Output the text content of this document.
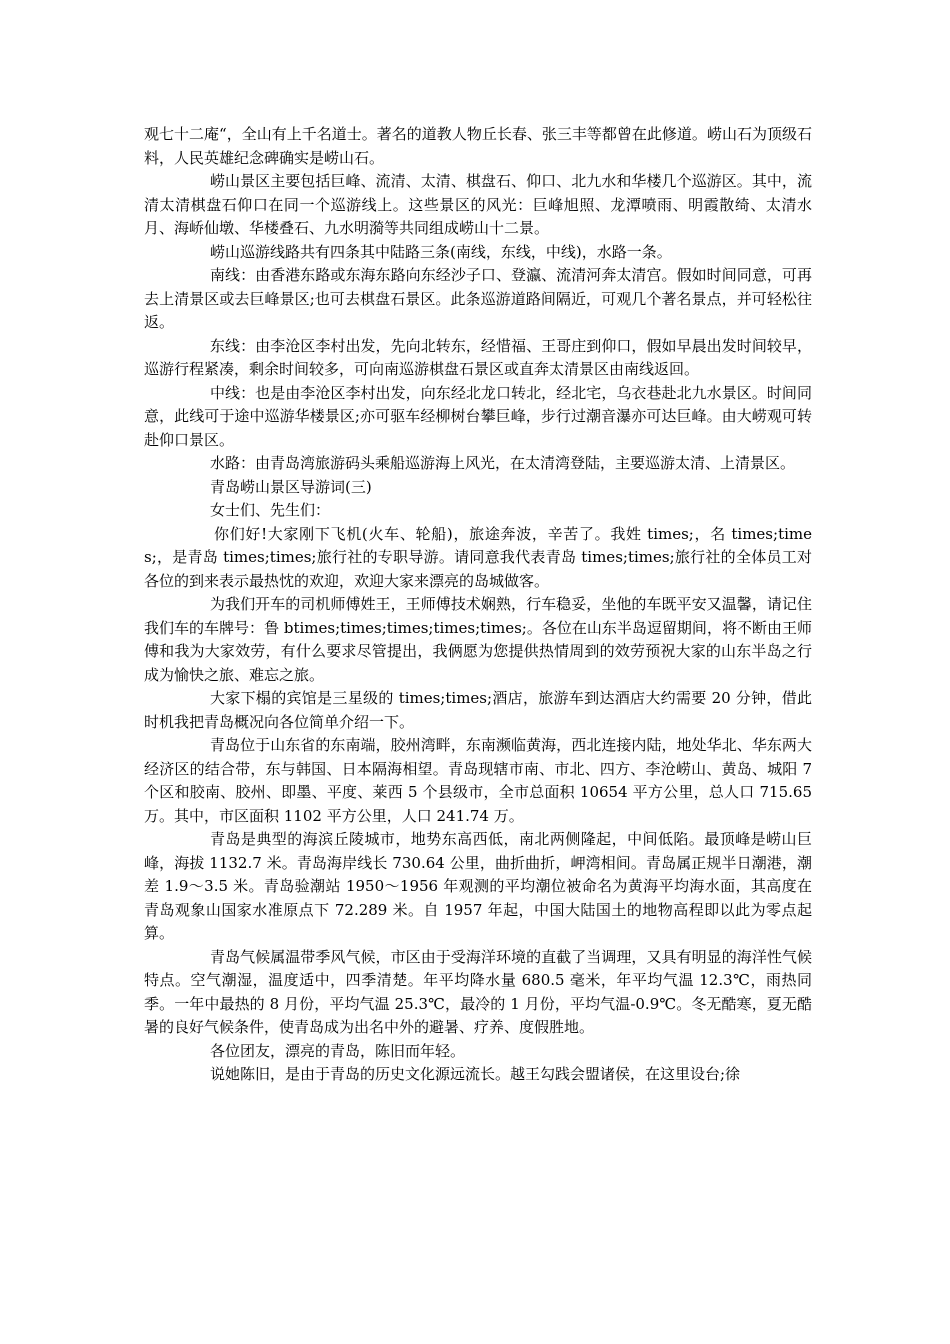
观七十二庵“，全山有上千名道士。著名的道教人物丘长春、张三丰等都曾在此修道。崂山石为顶级石料，人民英雄纪念碑确实是崂山石。

崂山景区主要包括巨峰、流清、太清、棋盘石、仰口、北九水和华楼几个巡游区。其中，流清太清棋盘石仰口在同一个巡游线上。这些景区的风光：巨峰旭照、龙潭喷雨、明霞散绮、太清水月、海峤仙墩、华楼叠石、九水明漪等共同组成崂山十二景。

崂山巡游线路共有四条其中陆路三条(南线，东线，中线)，水路一条。

南线：由香港东路或东海东路向东经沙子口、登瀛、流清河奔太清宫。假如时间同意，可再去上清景区或去巨峰景区;也可去棋盘石景区。此条巡游道路间隔近，可观几个著名景点，并可轻松往返。

东线：由李沧区李村出发，先向北转东，经惜福、王哥庄到仰口，假如早晨出发时间较早，巡游行程紧凑，剩余时间较多，可向南巡游棋盘石景区或直奔太清景区由南线返回。

中线：也是由李沧区李村出发，向东经北龙口转北，经北宅，乌衣巷赴北九水景区。时间同意，此线可于途中巡游华楼景区;亦可驱车经柳树台攀巨峰，步行过潮音瀑亦可达巨峰。由大崂观可转赴仰口景区。

水路：由青岛湾旅游码头乘船巡游海上风光，在太清湾登陆，主要巡游太清、上清景区。

青岛崂山景区导游词(三)

女士们、先生们：

你们好!大家刚下飞机(火车、轮船)，旅途奔波，辛苦了。我姓 times;，名 times;times;，是青岛 times;times;旅行社的专职导游。请同意我代表青岛 times;times;旅行社的全体员工对各位的到来表示最热忱的欢迎，欢迎大家来漂亮的岛城做客。

为我们开车的司机师傅姓王，王师傅技术娴熟，行车稳妥，坐他的车既平安又温馨，请记住我们车的车牌号：鲁 btimes;times;times;times;times;。各位在山东半岛逗留期间，将不断由王师傅和我为大家效劳，有什么要求尽管提出，我俩愿为您提供热情周到的效劳预祝大家的山东半岛之行成为愉快之旅、难忘之旅。

大家下榻的宾馆是三星级的 times;times;酒店，旅游车到达酒店大约需要 20 分钟，借此时机我把青岛概况向各位简单介绍一下。

青岛位于山东省的东南端，胶州湾畔，东南濒临黄海，西北连接内陆，地处华北、华东两大经济区的结合带，东与韩国、日本隔海相望。青岛现辖市南、市北、四方、李沧崂山、黄岛、城阳 7 个区和胶南、胶州、即墨、平度、莱西 5 个县级市，全市总面积 10654 平方公里，总人口 715.65 万。其中，市区面积 1102 平方公里，人口 241.74 万。

青岛是典型的海滨丘陵城市，地势东高西低，南北两侧隆起，中间低陷。最顶峰是崂山巨峰，海拔 1132.7 米。青岛海岸线长 730.64 公里，曲折曲折，岬湾相间。青岛属正规半日潮港，潮差 1.9～3.5 米。青岛验潮站 1950～1956 年观测的平均潮位被命名为黄海平均海水面，其高度在青岛观象山国家水准原点下 72.289 米。自 1957 年起，中国大陆国土的地物高程即以此为零点起算。

青岛气候属温带季风气候，市区由于受海洋环境的直截了当调理，又具有明显的海洋性气候特点。空气潮湿，温度适中，四季清楚。年平均降水量 680.5 毫米，年平均气温 12.3℃，雨热同季。一年中最热的 8 月份，平均气温 25.3℃，最冷的 1 月份，平均气温-0.9℃。冬无酷寒，夏无酷暑的良好气候条件，使青岛成为出名中外的避暑、疗养、度假胜地。

各位团友，漂亮的青岛，陈旧而年轻。

说她陈旧，是由于青岛的历史文化源远流长。越王勾践会盟诸侯，在这里设台;徐
